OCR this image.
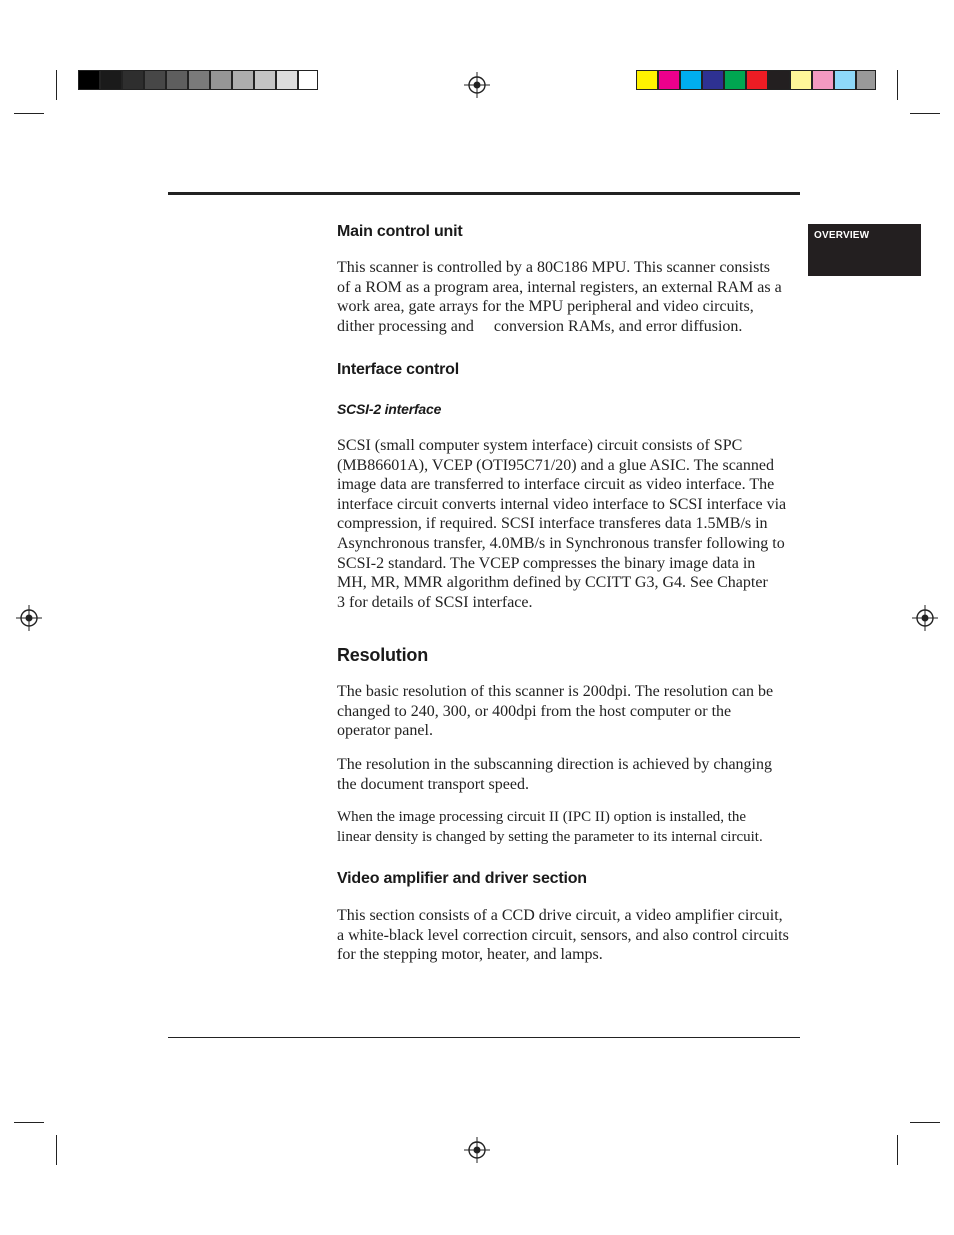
OVERVIEW
Main control unit

This scanner is controlled by a 80C186 MPU. This scanner consists
of a ROM as a program area, internal registers, an external RAM as a
work area, gate arrays for the MPU peripheral and video circuits,
dither processing and     conversion RAMs, and error diffusion.

Interface control
SCSI-2 interface

SCSI (small computer system interface) circuit consists of SPC
(MB86601A), VCEP (OTI95C71/20) and a glue ASIC. The scanned
image data are transferred to interface circuit as video interface. The
interface circuit converts internal video interface to SCSI interface via
compression, if required. SCSI interface transferes data 1.5MB/s in
Asynchronous transfer, 4.0MB/s in Synchronous transfer following to
SCSI-2 standard. The VCEP compresses the binary image data in
MH, MR, MMR algorithm defined by CCITT G3, G4. See Chapter
3 for details of SCSI interface.

Resolution

The basic resolution of this scanner is 200dpi. The resolution can be
changed to 240, 300, or 400dpi from the host computer or the
operator panel.

The resolution in the subscanning direction is achieved by changing
the document transport speed.

When the image processing circuit II (IPC II) option is installed, the
linear density is changed by setting the parameter to its internal circuit.

Video amplifier and driver section

This section consists of a CCD drive circuit, a video amplifier circuit,
a white-black level correction circuit, sensors, and also control circuits
for the stepping motor, heater, and lamps.
